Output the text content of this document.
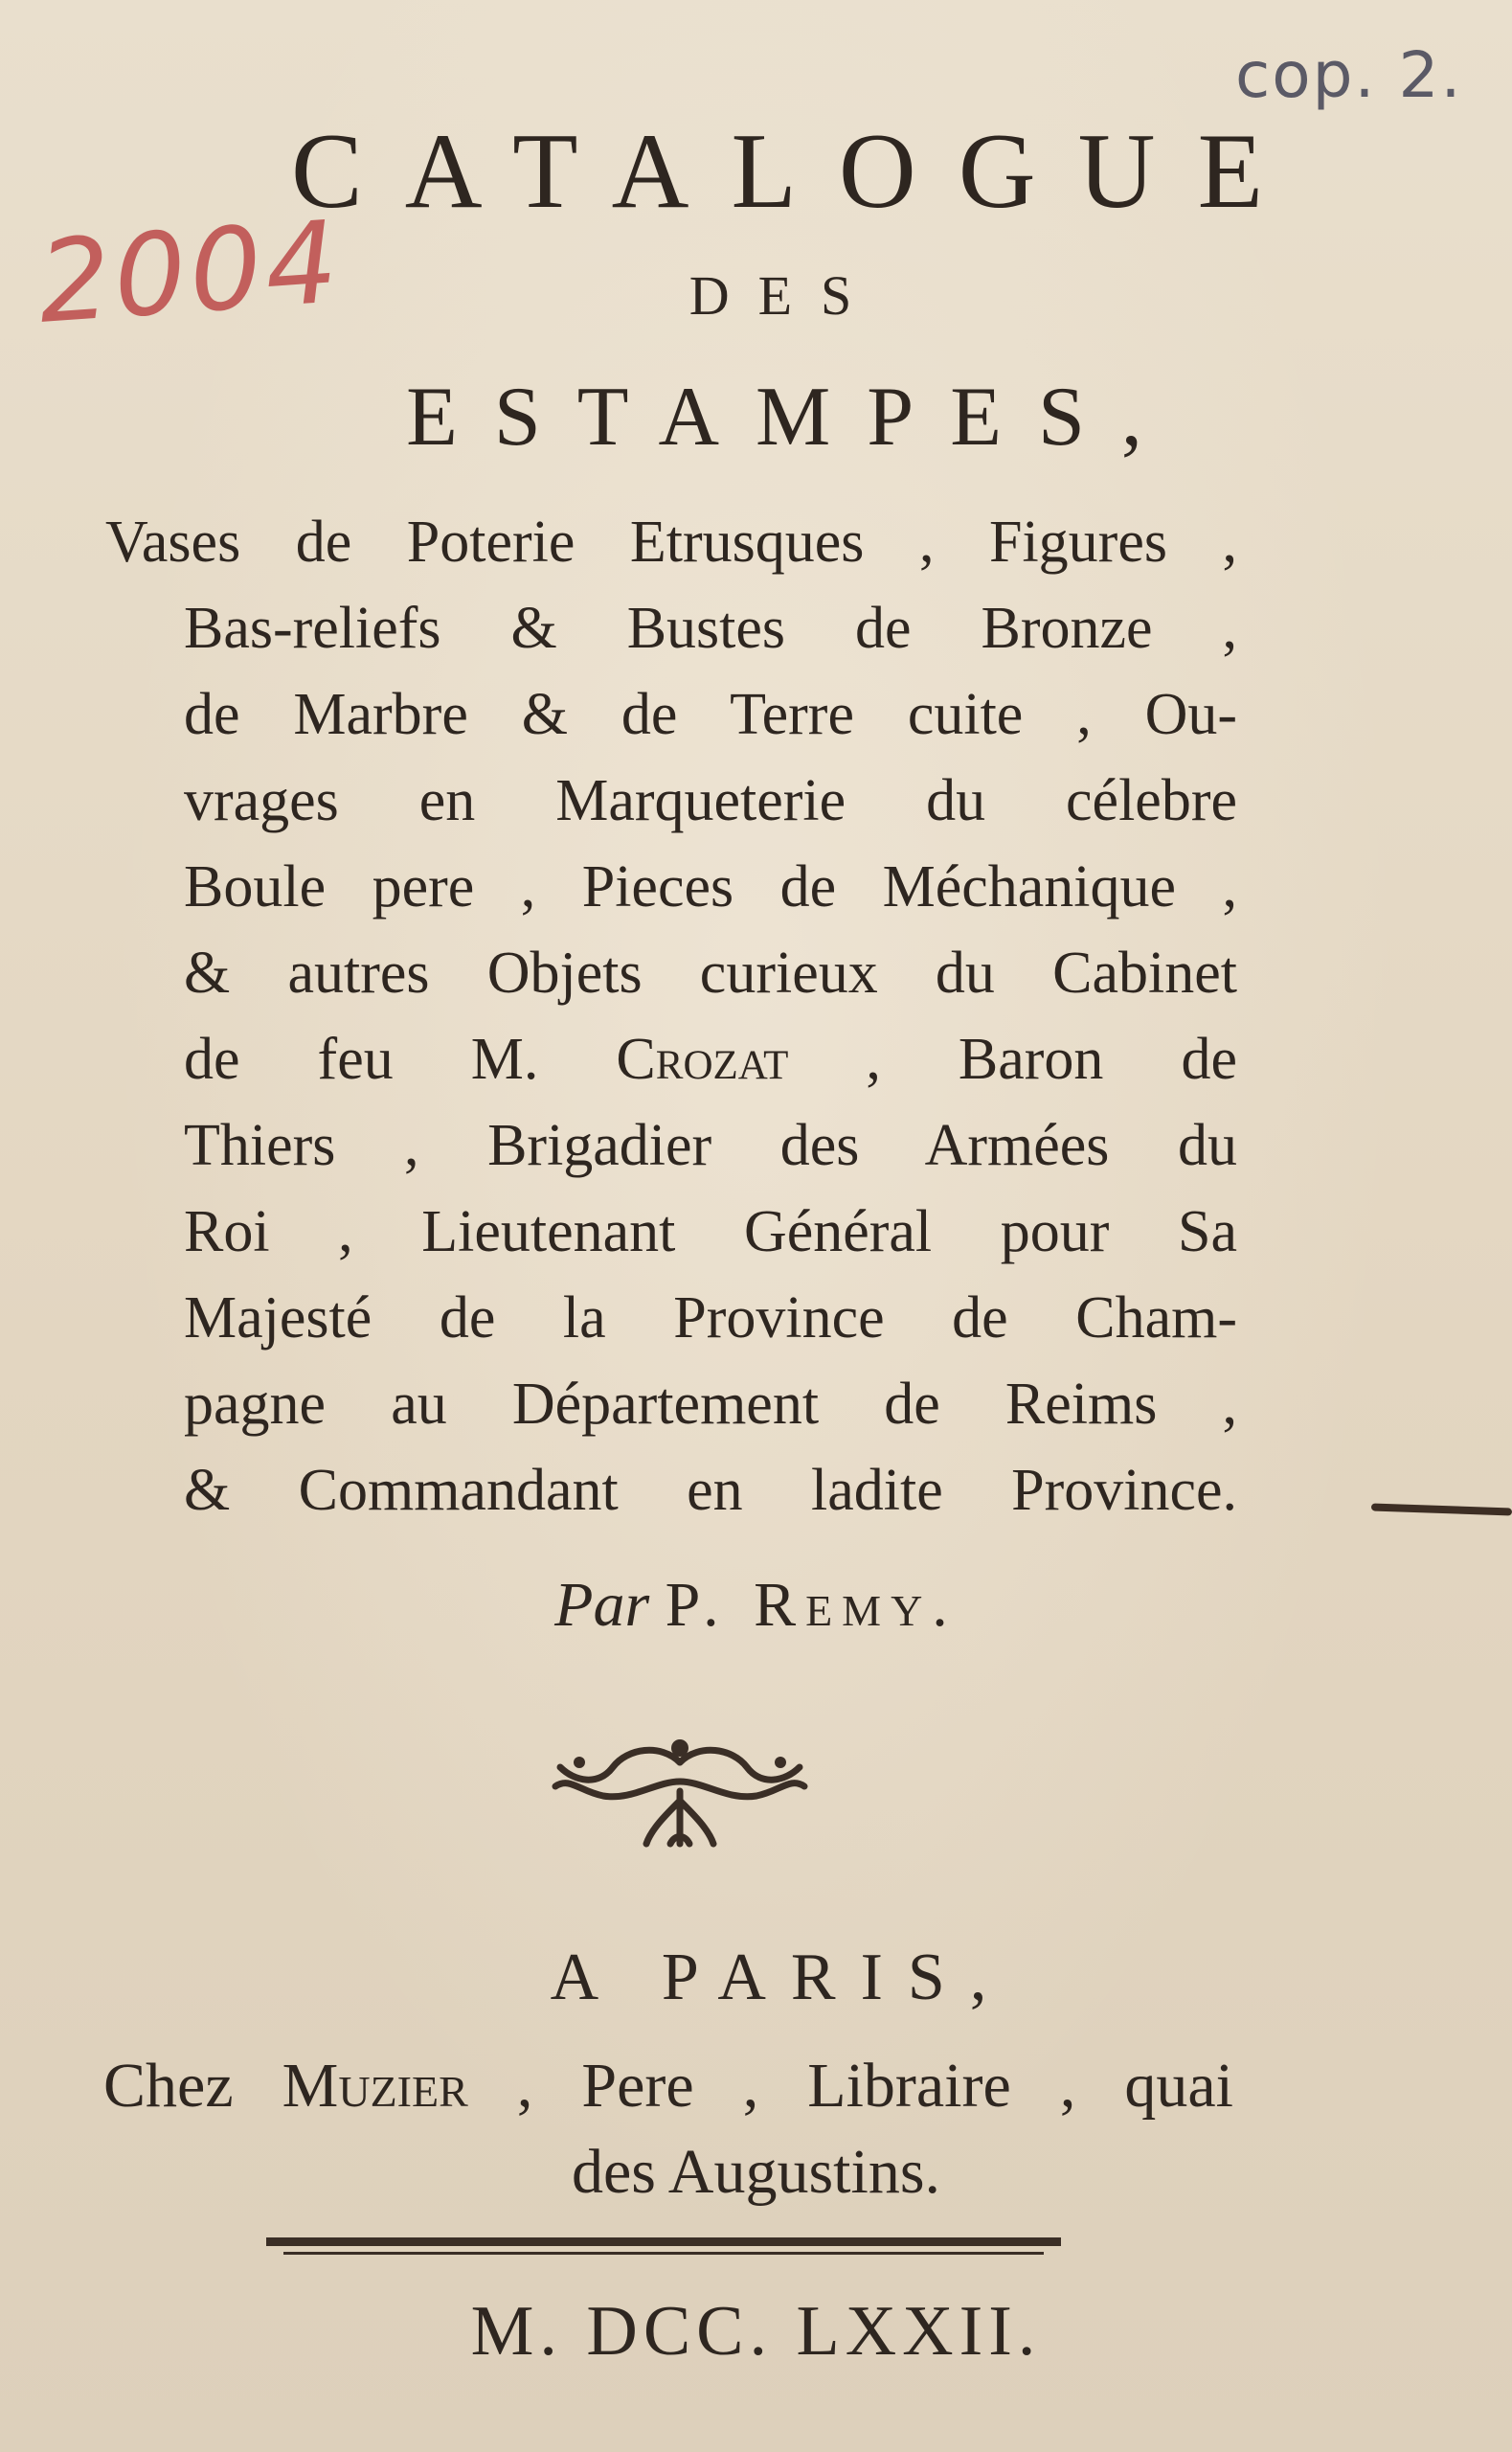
cop. 2.
2004
CATALOGUE
DES
ESTAMPES,
Vases de Poterie Etrusques , Figures ,
Bas-reliefs & Bustes de Bronze ,
de Marbre & de Terre cuite , Ou-
vrages en Marqueterie du célebre
Boule pere , Pieces de Méchanique ,
& autres Objets curieux du Cabinet
de feu M. Crozat , Baron de
Thiers , Brigadier des Armées du
Roi , Lieutenant Général pour Sa
Majesté de la Province de Cham-
pagne au Département de Reims ,
& Commandant en ladite Province.
Par P. Remy.
A PARIS,
Chez Muzier , Pere , Libraire , quai
des Augustins.
M. DCC. LXXII.
